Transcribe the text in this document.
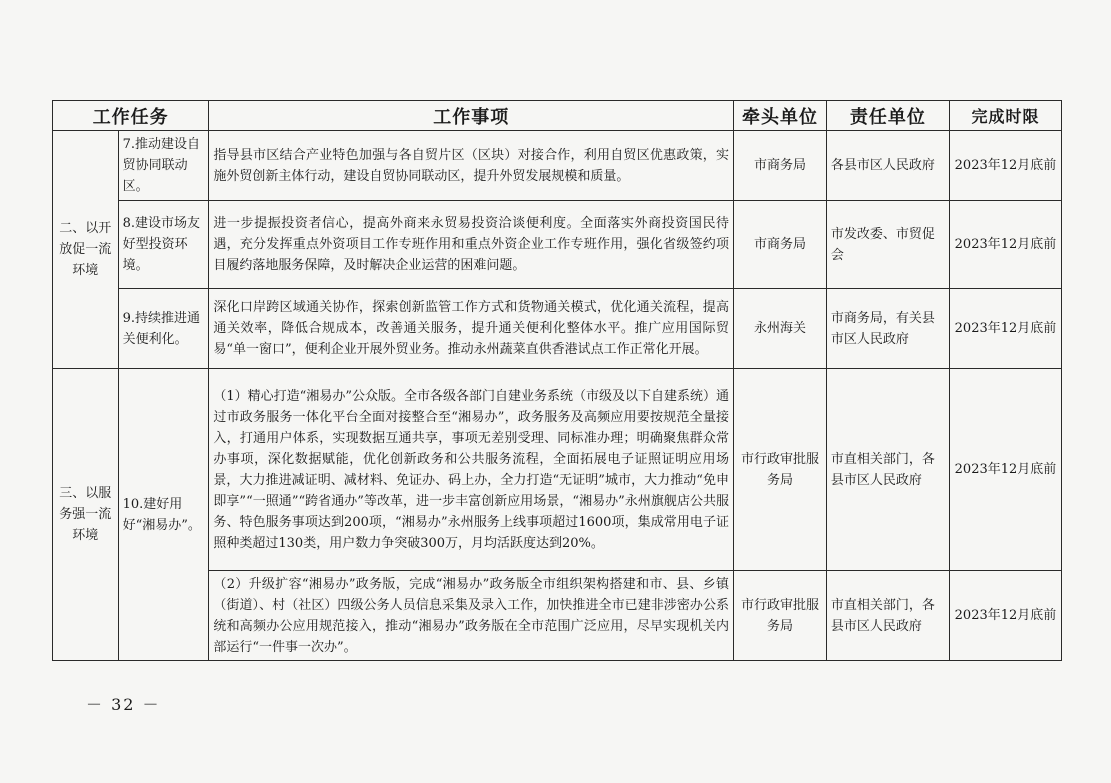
工作任务		工作事项	牵头单位	责任单位	完成时限
二、以开放促一流环境	7.推动建设自贸协同联动区。	指导县市区结合产业特色加强与各自贸片区（区块）对接合作，利用自贸区优惠政策，实施外贸创新主体行动，建设自贸协同联动区，提升外贸发展规模和质量。	市商务局	各县市区人民政府	2023年12月底前
	8.建设市场友好型投资环境。	进一步提振投资者信心，提高外商来永贸易投资洽谈便利度。全面落实外商投资国民待遇，充分发挥重点外资项目工作专班作用和重点外资企业工作专班作用，强化省级签约项目履约落地服务保障，及时解决企业运营的困难问题。	市商务局	市发改委、市贸促会	2023年12月底前
	9.持续推进通关便利化。	深化口岸跨区域通关协作，探索创新监管工作方式和货物通关模式，优化通关流程，提高通关效率，降低合规成本，改善通关服务，提升通关便利化整体水平。推广应用国际贸易“单一窗口”，便利企业开展外贸业务。推动永州蔬菜直供香港试点工作正常化开展。	永州海关	市商务局，有关县市区人民政府	2023年12月底前
三、以服务强一流环境	10.建好用好“湘易办”。	（1）精心打造“湘易办”公众版。全市各级各部门自建业务系统（市级及以下自建系统）通过市政务服务一体化平台全面对接整合至“湘易办”，政务服务及高频应用要按规范全量接入，打通用户体系，实现数据互通共享，事项无差别受理、同标准办理；明确聚焦群众常办事项，深化数据赋能，优化创新政务和公共服务流程，全面拓展电子证照证明应用场景，大力推进减证明、减材料、免证办、码上办，全力打造“无证明”城市，大力推动“免申即享”“一照通”“跨省通办”等改革，进一步丰富创新应用场景，“湘易办”永州旗舰店公共服务、特色服务事项达到200项，“湘易办”永州服务上线事项超过1600项，集成常用电子证照种类超过130类，用户数力争突破300万，月均活跃度达到20%。	市行政审批服务局	市直相关部门，各县市区人民政府	2023年12月底前
		（2）升级扩容“湘易办”政务版，完成“湘易办”政务版全市组织架构搭建和市、县、乡镇（街道）、村（社区）四级公务人员信息采集及录入工作，加快推进全市已建非涉密办公系统和高频办公应用规范接入，推动“湘易办”政务版在全市范围广泛应用，尽早实现机关内部运行“一件事一次办”。	市行政审批服务局	市直相关部门，各县市区人民政府	2023年12月底前
－ 32 －
